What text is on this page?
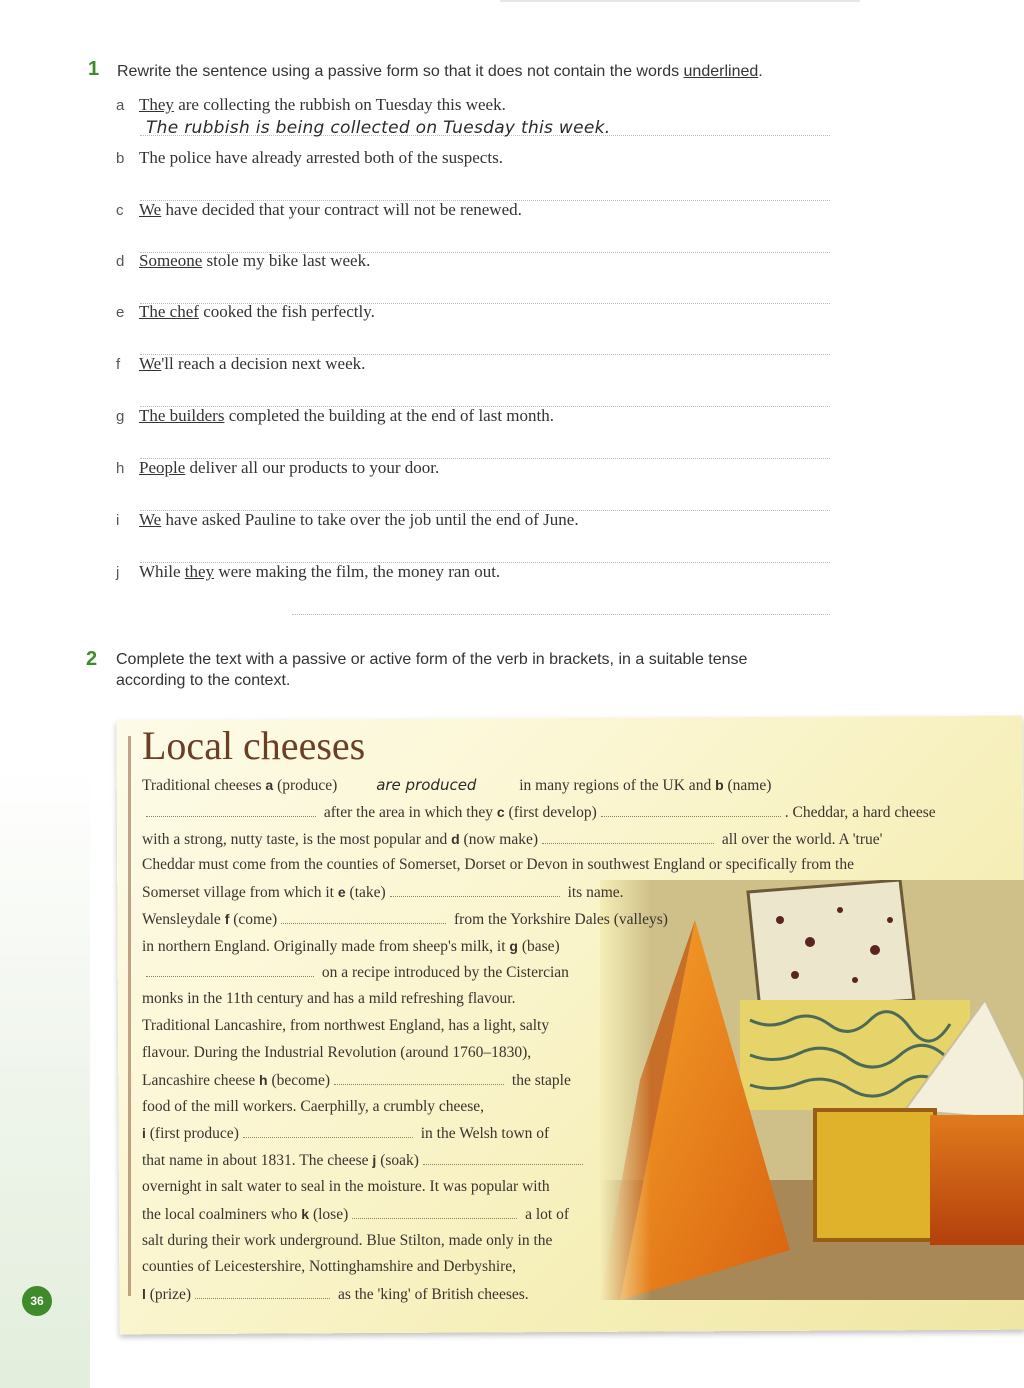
1 Rewrite the sentence using a passive form so that it does not contain the words underlined.
a They are collecting the rubbish on Tuesday this week.
The rubbish is being collected on Tuesday this week.
b The police have already arrested both of the suspects.
c We have decided that your contract will not be renewed.
d Someone stole my bike last week.
e The chef cooked the fish perfectly.
f We'll reach a decision next week.
g The builders completed the building at the end of last month.
h People deliver all our products to your door.
i We have asked Pauline to take over the job until the end of June.
j While they were making the film, the money ran out.
2 Complete the text with a passive or active form of the verb in brackets, in a suitable tense
according to the context.
Local cheeses
Traditional cheeses a (produce)	are produced	in many regions of the UK and b (name)
after the area in which they c (first develop)	. Cheddar, a hard cheese
with a strong, nutty taste, is the most popular and d (now make)	all over the world. A 'true'
Cheddar must come from the counties of Somerset, Dorset or Devon in southwest England or specifically from the
Somerset village from which it e (take)	its name.
Wensleydale f (come)	from the Yorkshire Dales (valleys)
in northern England. Originally made from sheep's milk, it g (base)
on a recipe introduced by the Cistercian
monks in the 11th century and has a mild refreshing flavour.
Traditional Lancashire, from northwest England, has a light, salty
flavour. During the Industrial Revolution (around 1760–1830),
Lancashire cheese h (become)	the staple
food of the mill workers. Caerphilly, a crumbly cheese,
i (first produce)	in the Welsh town of
that name in about 1831. The cheese j (soak)
overnight in salt water to seal in the moisture. It was popular with
the local coalminers who k (lose)	a lot of
salt during their work underground. Blue Stilton, made only in the
counties of Leicestershire, Nottinghamshire and Derbyshire,
l (prize)	as the 'king' of British cheeses.
36
